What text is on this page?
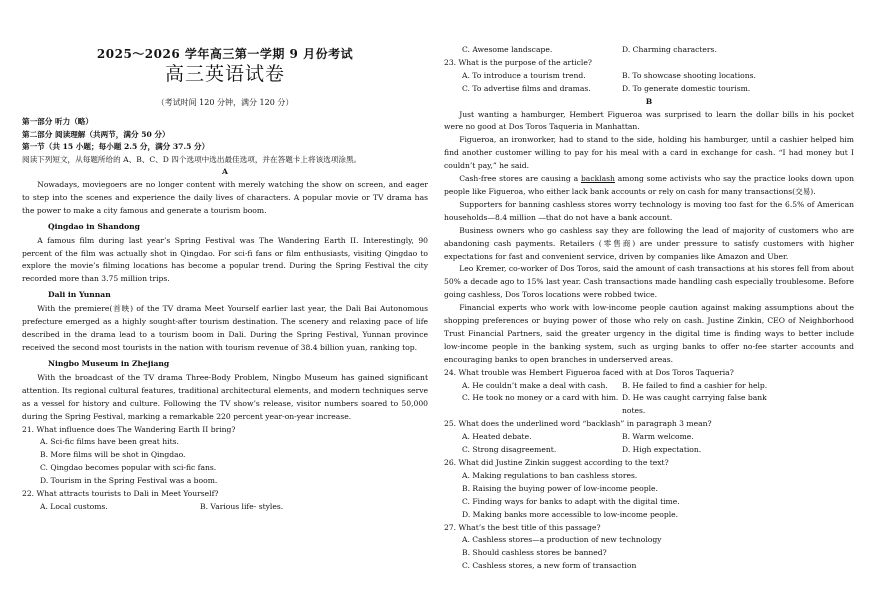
2025～2026 学年高三第一学期 9 月份考试
高三英语试卷
（考试时间 120 分钟，满分 120 分）
第一部分 听力（略）
第二部分 阅读理解（共两节，满分 50 分）
第一节（共 15 小题；每小题 2.5 分，满分 37.5 分）
阅读下列短文，从每题所给的 A、B、C、D 四个选项中选出最佳选项，并在答题卡上将该选项涂黑。
A

Nowadays, moviegoers are no longer content with merely watching the show on screen, and eager to step into the scenes and experience the daily lives of characters. A popular movie or TV drama has the power to make a city famous and generate a tourism boom.

Qingdao in Shandong

A famous film during last year’s Spring Festival was The Wandering Earth II. Interestingly, 90 percent of the film was actually shot in Qingdao. For sci-fi fans or film enthusiasts, visiting Qingdao to explore the movie’s filming locations has become a popular trend. During the Spring Festival the city recorded more than 3.75 million trips.

Dali in Yunnan

With the premiere(首映) of the TV drama Meet Yourself earlier last year, the Dali Bai Autonomous prefecture emerged as a highly sought-after tourism destination. The scenery and relaxing pace of life described in the drama lead to a tourism boom in Dali. During the Spring Festival, Yunnan province received the second most tourists in the nation with tourism revenue of 38.4 billion yuan, ranking top.

Ningbo Museum in Zhejiang

With the broadcast of the TV drama Three-Body Problem, Ningbo Museum has gained significant attention. Its regional cultural features, traditional architectural elements, and modern techniques serve as a vessel for history and culture. Following the TV show’s release, visitor numbers soared to 50,000 during the Spring Festival, marking a remarkable 220 percent year-on-year increase.

21. What influence does The Wandering Earth II bring?
A. Sci-fic films have been great hits.
B. More films will be shot in Qingdao.
C. Qingdao becomes popular with sci-fic fans.
D. Tourism in the Spring Festival was a boom.
22. What attracts tourists to Dali in Meet Yourself?
A. Local customs.	B. Various life- styles.
C. Awesome landscape.	D. Charming characters.
23. What is the purpose of the article?
A. To introduce a tourism trend.	B. To showcase shooting locations.
C. To advertise films and dramas.	D. To generate domestic tourism.
B

Just wanting a hamburger, Hembert Figueroa was surprised to learn the dollar bills in his pocket were no good at Dos Toros Taqueria in Manhattan.

Figueroa, an ironworker, had to stand to the side, holding his hamburger, until a cashier helped him find another customer willing to pay for his meal with a card in exchange for cash. “I had money but I couldn’t pay,” he said.

Cash-free stores are causing a backlash among some activists who say the practice looks down upon people like Figueroa, who either lack bank accounts or rely on cash for many transactions(交易).

Supporters for banning cashless stores worry technology is moving too fast for the 6.5% of American households—8.4 million —that do not have a bank account.

Business owners who go cashless say they are following the lead of majority of customers who are abandoning cash payments. Retailers (零售商) are under pressure to satisfy customers with higher expectations for fast and convenient service, driven by companies like Amazon and Uber.

Leo Kremer, co-worker of Dos Toros, said the amount of cash transactions at his stores fell from about 50% a decade ago to 15% last year. Cash transactions made handling cash especially troublesome. Before going cashless, Dos Toros locations were robbed twice.

Financial experts who work with low-income people caution against making assumptions about the shopping preferences or buying power of those who rely on cash. Justine Zinkin, CEO of Neighborhood Trust Financial Partners, said the greater urgency in the digital time is finding ways to better include low-income people in the banking system, such as urging banks to offer no-fee starter accounts and encouraging banks to open branches in underserved areas.

24. What trouble was Hembert Figueroa faced with at Dos Toros Taqueria?
A. He couldn’t make a deal with cash.	B. He failed to find a cashier for help.
C. He took no money or a card with him. D. He was caught carrying false bank notes.
25. What does the underlined word “backlash” in paragraph 3 mean?
A. Heated debate.	B. Warm welcome.
C. Strong disagreement.	D. High expectation.
26. What did Justine Zinkin suggest according to the text?
A. Making regulations to ban cashless stores.
B. Raising the buying power of low-income people.
C. Finding ways for banks to adapt with the digital time.
D. Making banks more accessible to low-income people.
27. What’s the best title of this passage?
A. Cashless stores—a production of new technology
B. Should cashless stores be banned?
C. Cashless stores, a new form of transaction
